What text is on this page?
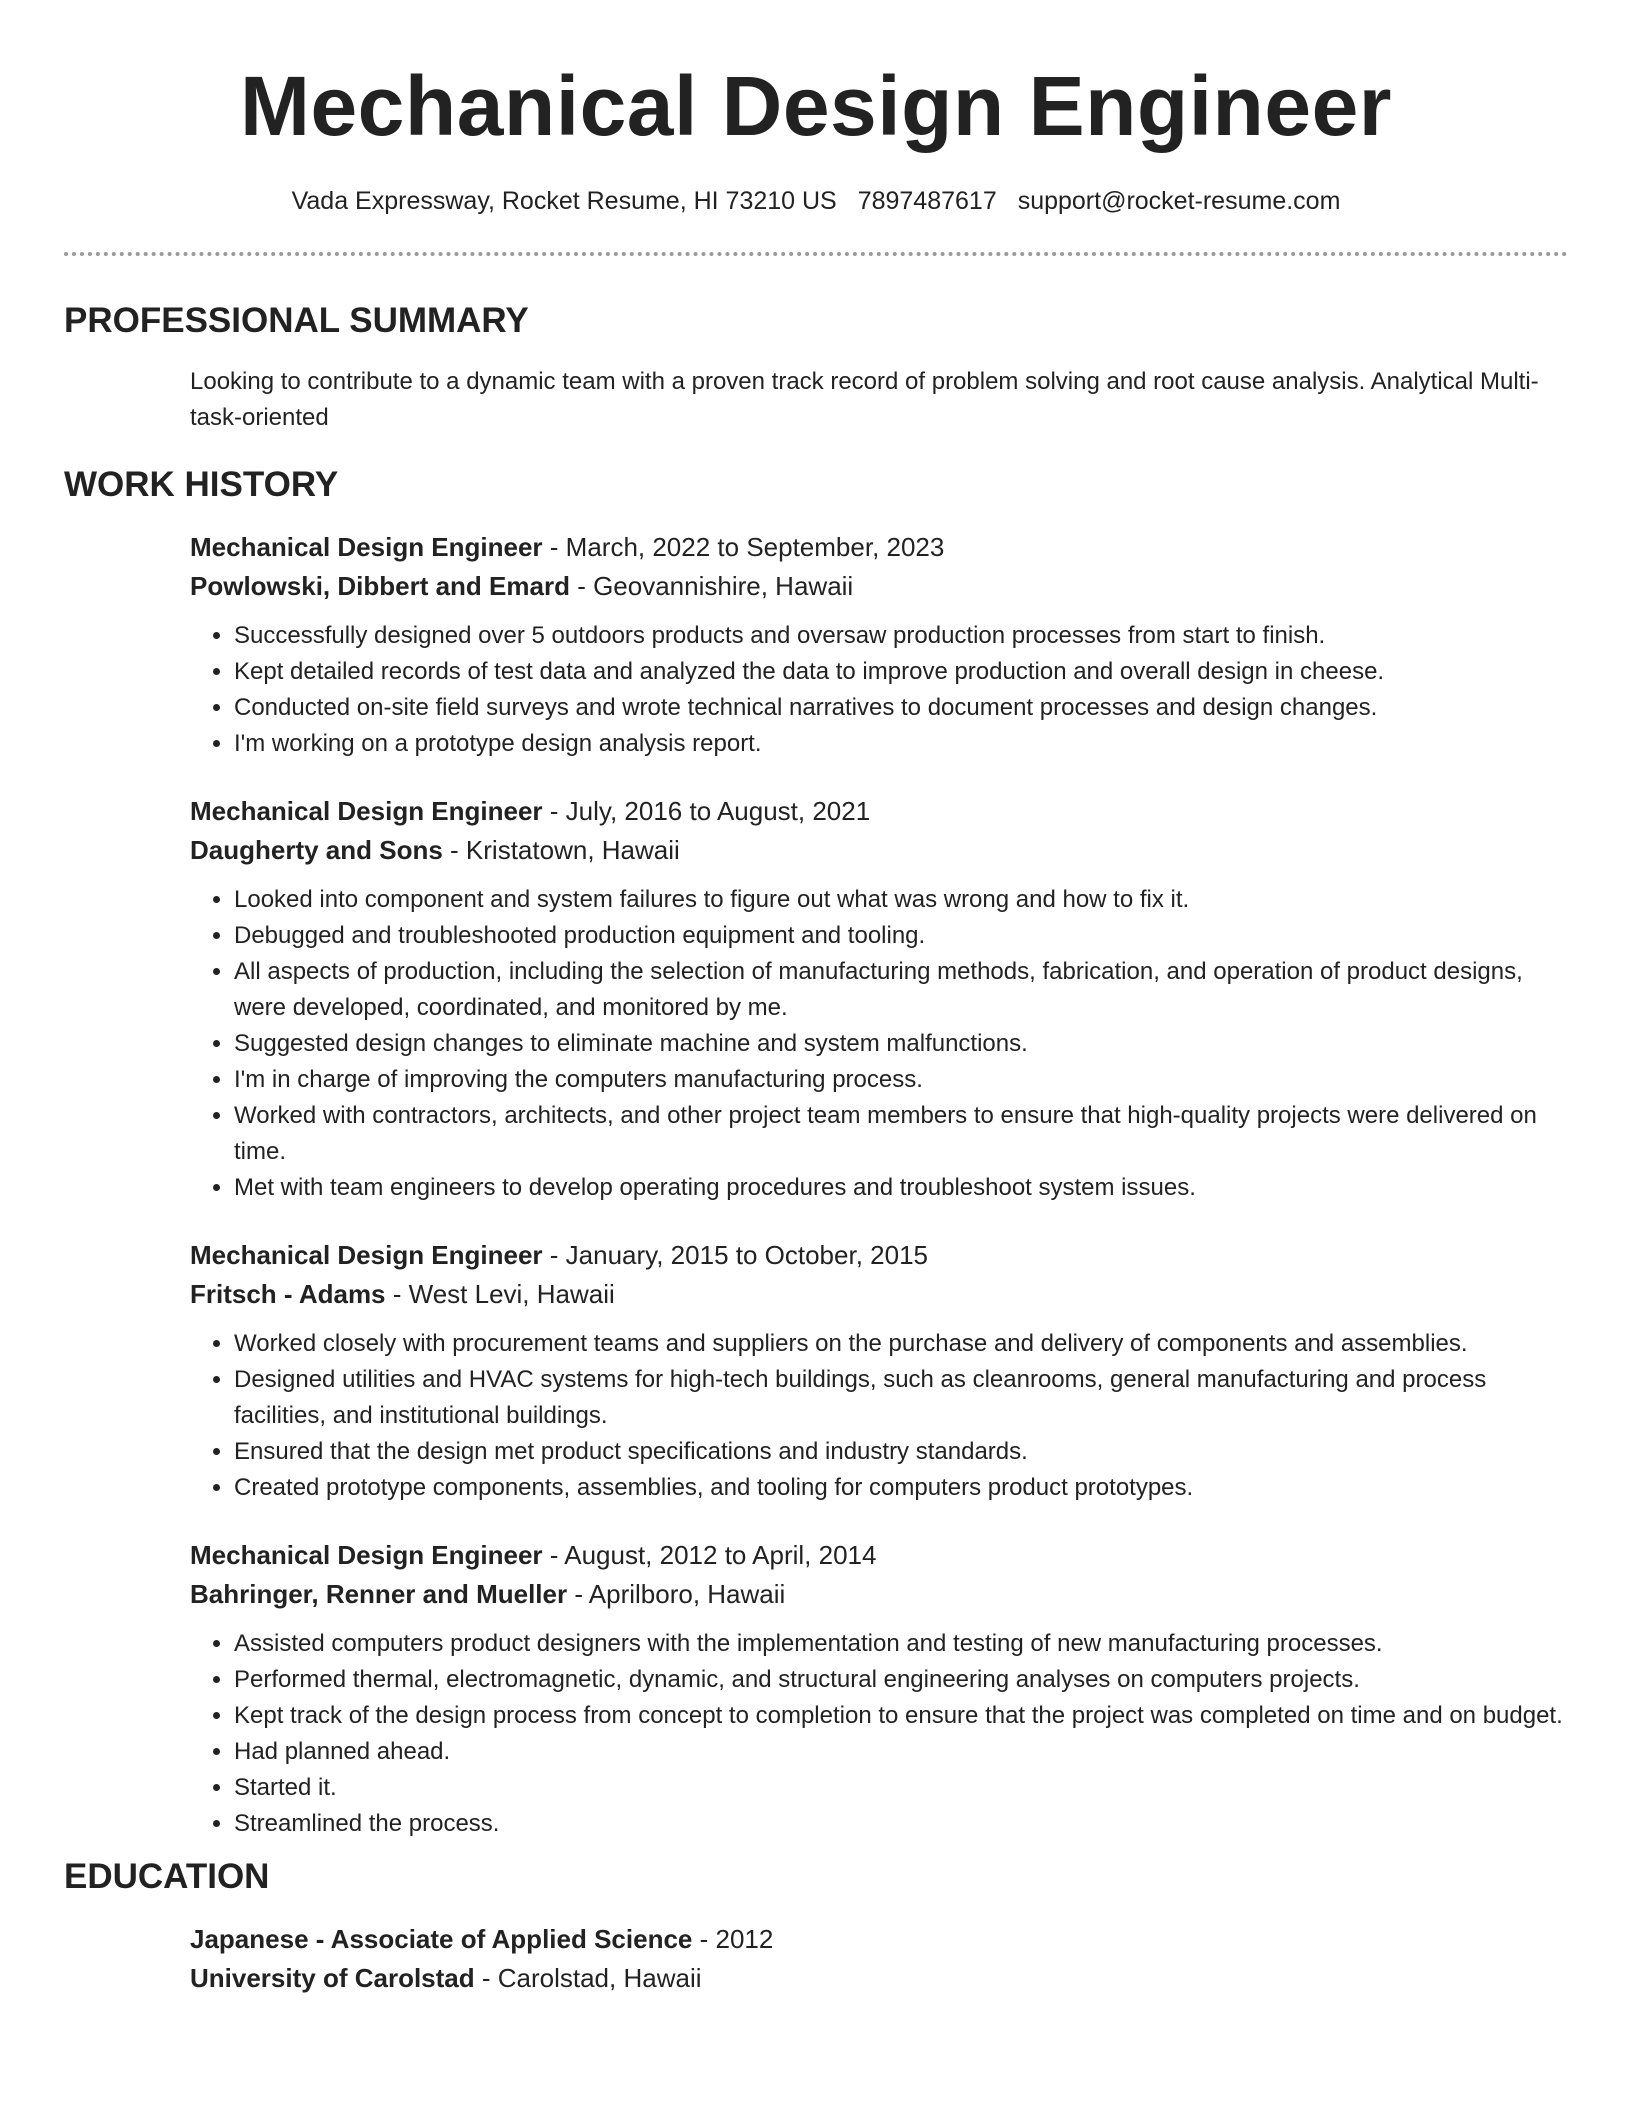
Mechanical Design Engineer
Vada Expressway, Rocket Resume, HI 73210 US 7897487617 support@rocket-resume.com
PROFESSIONAL SUMMARY

Looking to contribute to a dynamic team with a proven track record of problem solving and root cause analysis. Analytical Multi-task-oriented

WORK HISTORY

Mechanical Design Engineer - March, 2022 to September, 2023

Powlowski, Dibbert and Emard - Geovannishire, Hawaii

• Successfully designed over 5 outdoors products and oversaw production processes from start to finish.
• Kept detailed records of test data and analyzed the data to improve production and overall design in cheese.
• Conducted on-site field surveys and wrote technical narratives to document processes and design changes.
• I'm working on a prototype design analysis report.

Mechanical Design Engineer - July, 2016 to August, 2021

Daugherty and Sons - Kristatown, Hawaii

• Looked into component and system failures to figure out what was wrong and how to fix it.
• Debugged and troubleshooted production equipment and tooling.
• All aspects of production, including the selection of manufacturing methods, fabrication, and operation of product designs, were developed, coordinated, and monitored by me.
• Suggested design changes to eliminate machine and system malfunctions.
• I'm in charge of improving the computers manufacturing process.
• Worked with contractors, architects, and other project team members to ensure that high-quality projects were delivered on time.
• Met with team engineers to develop operating procedures and troubleshoot system issues.

Mechanical Design Engineer - January, 2015 to October, 2015

Fritsch - Adams - West Levi, Hawaii

• Worked closely with procurement teams and suppliers on the purchase and delivery of components and assemblies.
• Designed utilities and HVAC systems for high-tech buildings, such as cleanrooms, general manufacturing and process facilities, and institutional buildings.
• Ensured that the design met product specifications and industry standards.
• Created prototype components, assemblies, and tooling for computers product prototypes.

Mechanical Design Engineer - August, 2012 to April, 2014

Bahringer, Renner and Mueller - Aprilboro, Hawaii

• Assisted computers product designers with the implementation and testing of new manufacturing processes.
• Performed thermal, electromagnetic, dynamic, and structural engineering analyses on computers projects.
• Kept track of the design process from concept to completion to ensure that the project was completed on time and on budget.
• Had planned ahead.
• Started it.
• Streamlined the process.
EDUCATION

Japanese - Associate of Applied Science - 2012

University of Carolstad - Carolstad, Hawaii
